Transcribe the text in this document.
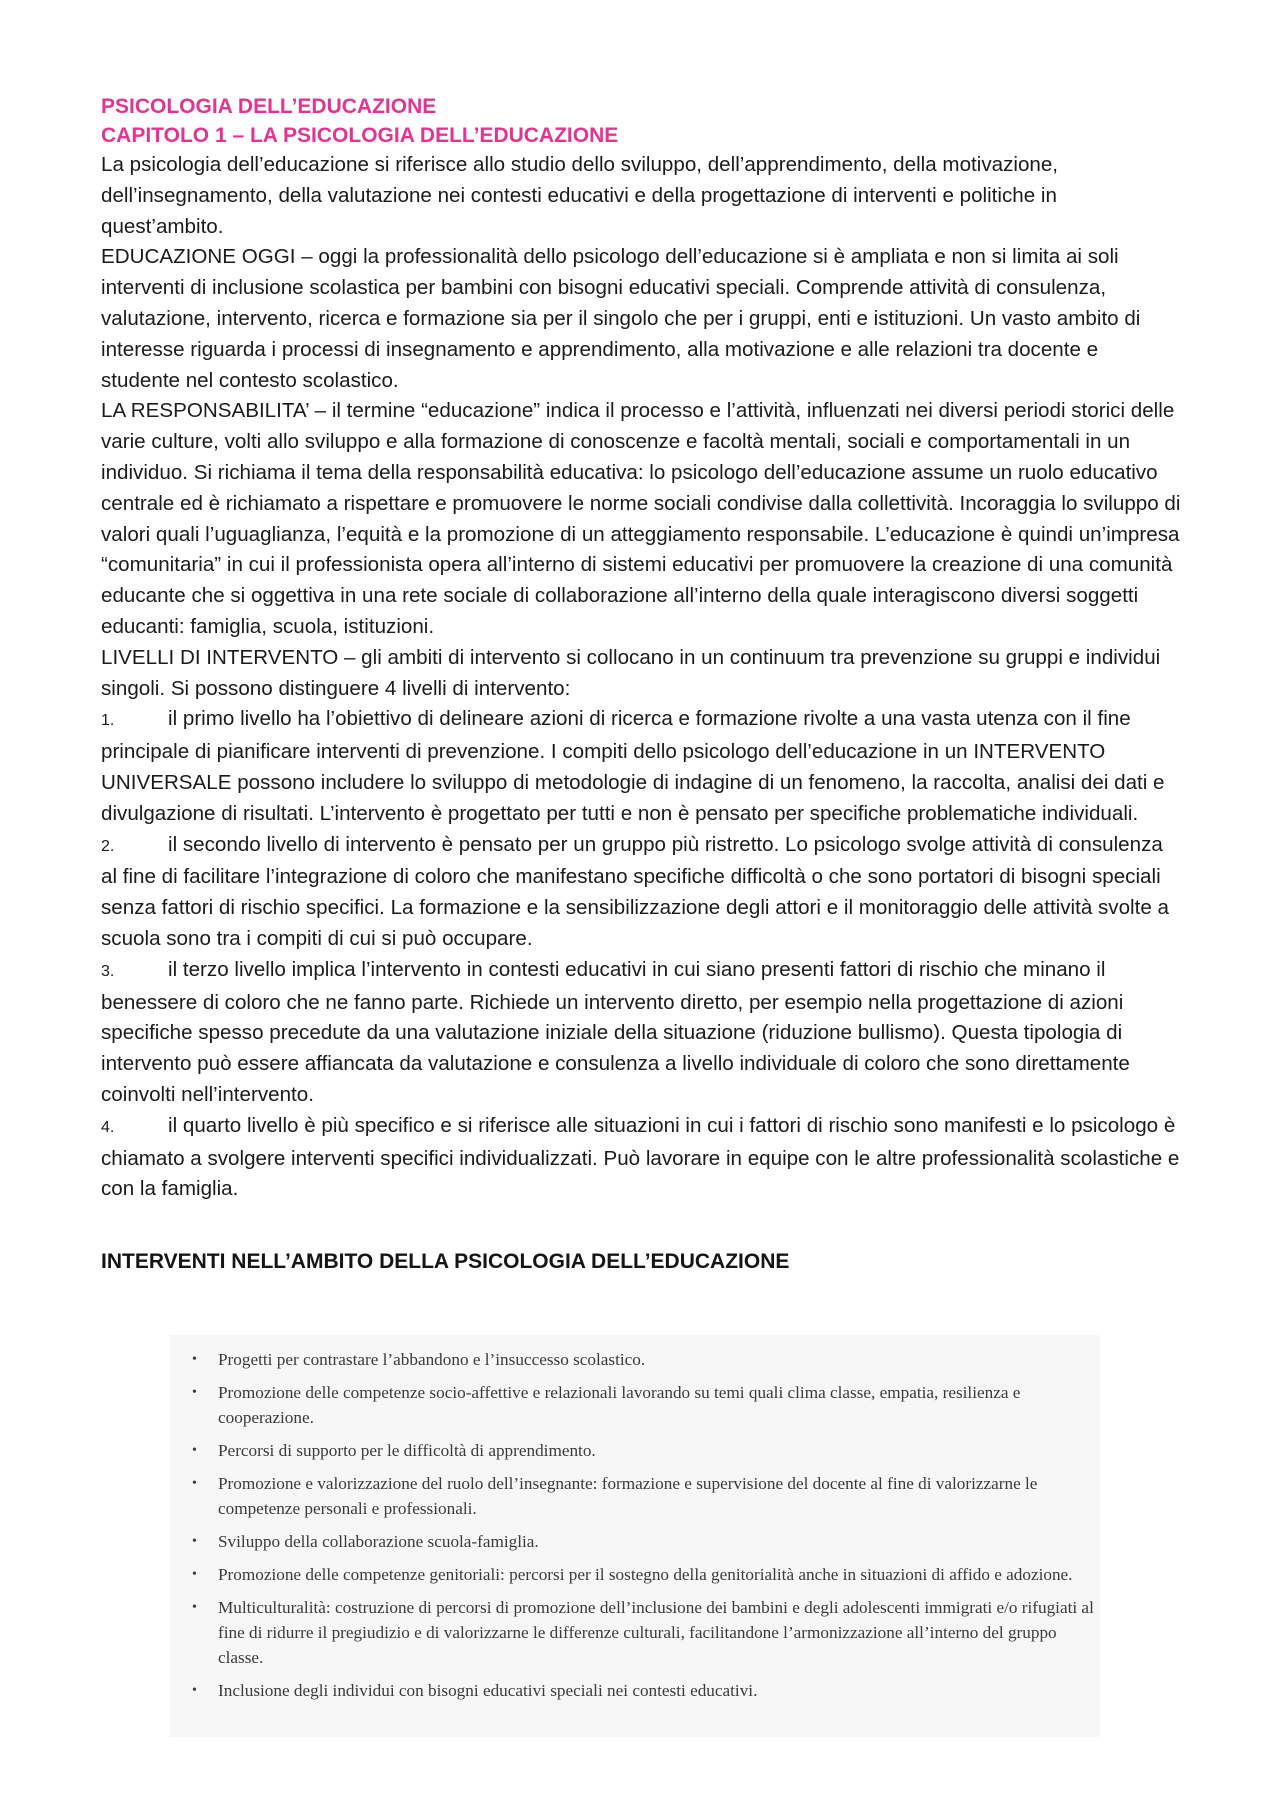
PSICOLOGIA DELL’EDUCAZIONE
CAPITOLO 1 – LA PSICOLOGIA DELL’EDUCAZIONE

La psicologia dell’educazione si riferisce allo studio dello sviluppo, dell’apprendimento, della motivazione, dell’insegnamento, della valutazione nei contesti educativi e della progettazione di interventi e politiche in quest’ambito.

EDUCAZIONE OGGI – oggi la professionalità dello psicologo dell’educazione si è ampliata e non si limita ai soli interventi di inclusione scolastica per bambini con bisogni educativi speciali. Comprende attività di consulenza, valutazione, intervento, ricerca e formazione sia per il singolo che per i gruppi, enti e istituzioni. Un vasto ambito di interesse riguarda i processi di insegnamento e apprendimento, alla motivazione e alle relazioni tra docente e studente nel contesto scolastico.

LA RESPONSABILITA’ – il termine “educazione” indica il processo e l’attività, influenzati nei diversi periodi storici delle varie culture, volti allo sviluppo e alla formazione di conoscenze e facoltà mentali, sociali e comportamentali in un individuo. Si richiama il tema della responsabilità educativa: lo psicologo dell’educazione assume un ruolo educativo centrale ed è richiamato a rispettare e promuovere le norme sociali condivise dalla collettività. Incoraggia lo sviluppo di valori quali l’uguaglianza, l’equità e la promozione di un atteggiamento responsabile. L’educazione è quindi un’impresa “comunitaria” in cui il professionista opera all’interno di sistemi educativi per promuovere la creazione di una comunità educante che si oggettiva in una rete sociale di collaborazione all’interno della quale interagiscono diversi soggetti educanti: famiglia, scuola, istituzioni.

LIVELLI DI INTERVENTO – gli ambiti di intervento si collocano in un continuum tra prevenzione su gruppi e individui singoli. Si possono distinguere 4 livelli di intervento:

1.	il primo livello ha l’obiettivo di delineare azioni di ricerca e formazione rivolte a una vasta utenza con il fine principale di pianificare interventi di prevenzione. I compiti dello psicologo dell’educazione in un INTERVENTO UNIVERSALE possono includere lo sviluppo di metodologie di indagine di un fenomeno, la raccolta, analisi dei dati e divulgazione di risultati. L’intervento è progettato per tutti e non è pensato per specifiche problematiche individuali.
2.	il secondo livello di intervento è pensato per un gruppo più ristretto. Lo psicologo svolge attività di consulenza al fine di facilitare l’integrazione di coloro che manifestano specifiche difficoltà o che sono portatori di bisogni speciali senza fattori di rischio specifici. La formazione e la sensibilizzazione degli attori e il monitoraggio delle attività svolte a scuola sono tra i compiti di cui si può occupare.
3.	il terzo livello implica l’intervento in contesti educativi in cui siano presenti fattori di rischio che minano il benessere di coloro che ne fanno parte. Richiede un intervento diretto, per esempio nella progettazione di azioni specifiche spesso precedute da una valutazione iniziale della situazione (riduzione bullismo). Questa tipologia di intervento può essere affiancata da valutazione e consulenza a livello individuale di coloro che sono direttamente coinvolti nell’intervento.
4.	il quarto livello è più specifico e si riferisce alle situazioni in cui i fattori di rischio sono manifesti e lo psicologo è chiamato a svolgere interventi specifici individualizzati. Può lavorare in equipe con le altre professionalità scolastiche e con la famiglia.
INTERVENTI NELL’AMBITO DELLA PSICOLOGIA DELL’EDUCAZIONE
• Progetti per contrastare l’abbandono e l’insuccesso scolastico.
• Promozione delle competenze socio-affettive e relazionali lavorando su temi quali clima classe, empatia, resilienza e cooperazione.
• Percorsi di supporto per le difficoltà di apprendimento.
• Promozione e valorizzazione del ruolo dell’insegnante: formazione e supervisione del docente al fine di valorizzarne le competenze personali e professionali.
• Sviluppo della collaborazione scuola-famiglia.
• Promozione delle competenze genitoriali: percorsi per il sostegno della genitorialità anche in situazioni di affido e adozione.
• Multiculturalità: costruzione di percorsi di promozione dell’inclusione dei bambini e degli adolescenti immigrati e/o rifugiati al fine di ridurre il pregiudizio e di valorizzarne le differenze culturali, facilitandone l’armonizzazione all’interno del gruppo classe.
• Inclusione degli individui con bisogni educativi speciali nei contesti educativi.
